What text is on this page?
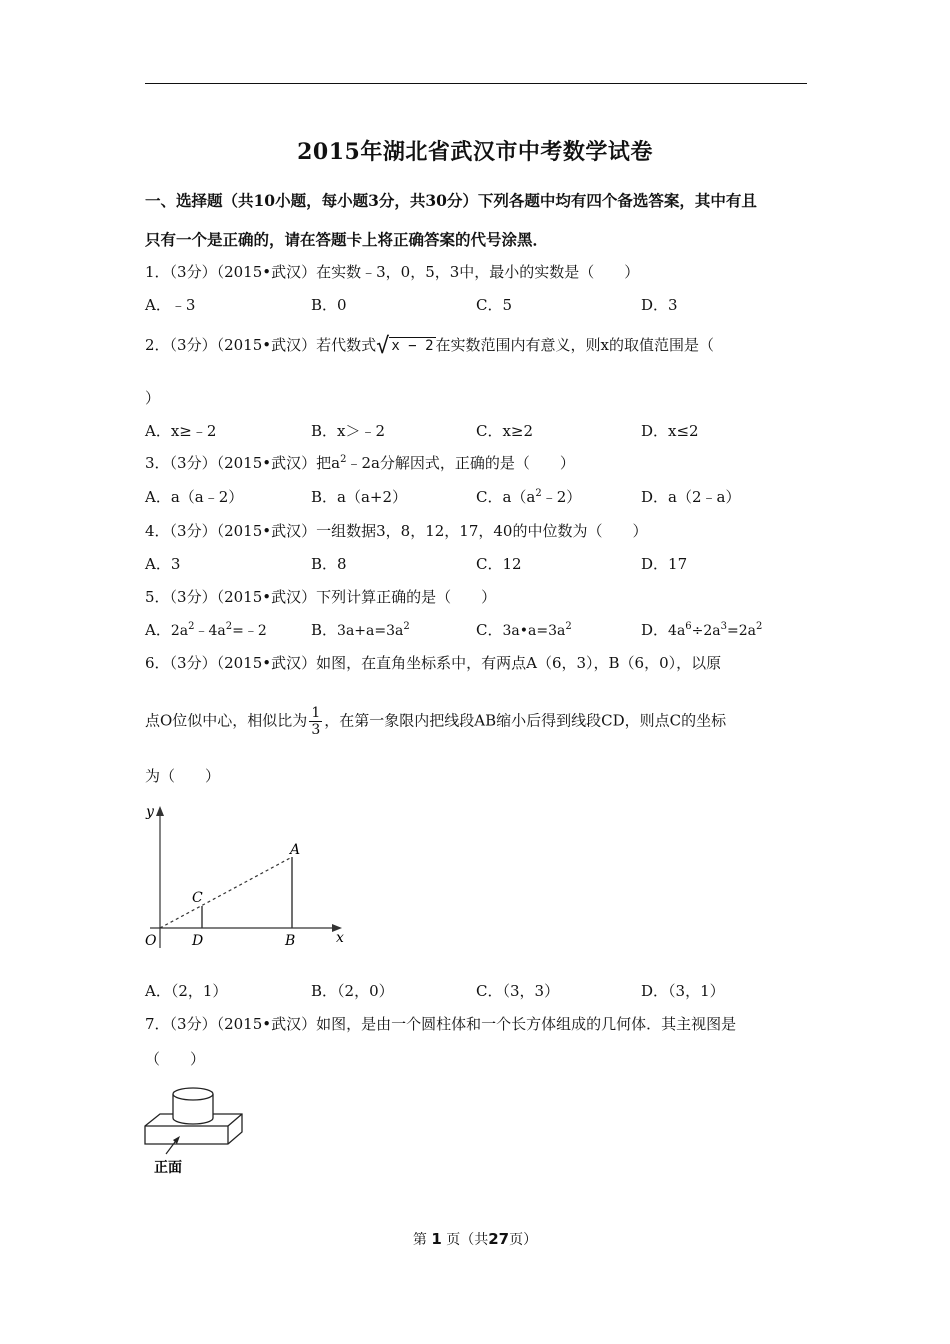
2015年湖北省武汉市中考数学试卷
一、选择题（共10小题，每小题3分，共30分）下列各题中均有四个备选答案，其中有且
只有一个是正确的，请在答题卡上将正确答案的代号涂黑．
1．（3分）（2015•武汉）在实数﹣3，0，5，3中，最小的实数是（　　）
A．﹣3	B．0	C．5	D．3
2．（3分）（2015•武汉）若代数式√ x − 2 在实数范围内有意义，则x的取值范围是（
）
A．x≥﹣2	B．x＞﹣2	C．x≥2	D．x≤2
3．（3分）（2015•武汉）把$a^2﹣2a$分解因式，正确的是（　　）
A．a（a﹣2）	B．a（a+2）	C．$a(a^2﹣2)$	D．a（2﹣a）
4．（3分）（2015•武汉）一组数据3，8，12，17，40的中位数为（　　）
A．3	B．8	C．12	D．17
5．（3分）（2015•武汉）下列计算正确的是（　　）
A．$2a^2﹣4a^2=﹣2$	B．$3a+a=3a^2$	C．$3a•a=3a^2$	D．$4a^6\div 2a^3=2a^2$
6．（3分）（2015•武汉）如图，在直角坐标系中，有两点A（6，3），B（6，0），以原
点O位似中心，相似比为 $\frac{1}{3}$ ，在第一象限内把线段AB缩小后得到线段CD，则点C的坐标
为（　　）
y
x
O	D	B
C
A
A．（2，1）	B．（2，0）	C．（3，3）	D．（3，1）
7．（3分）（2015•武汉）如图，是由一个圆柱体和一个长方体组成的几何体．其主视图是
（　　）
正面
第 1 页（共27页）
